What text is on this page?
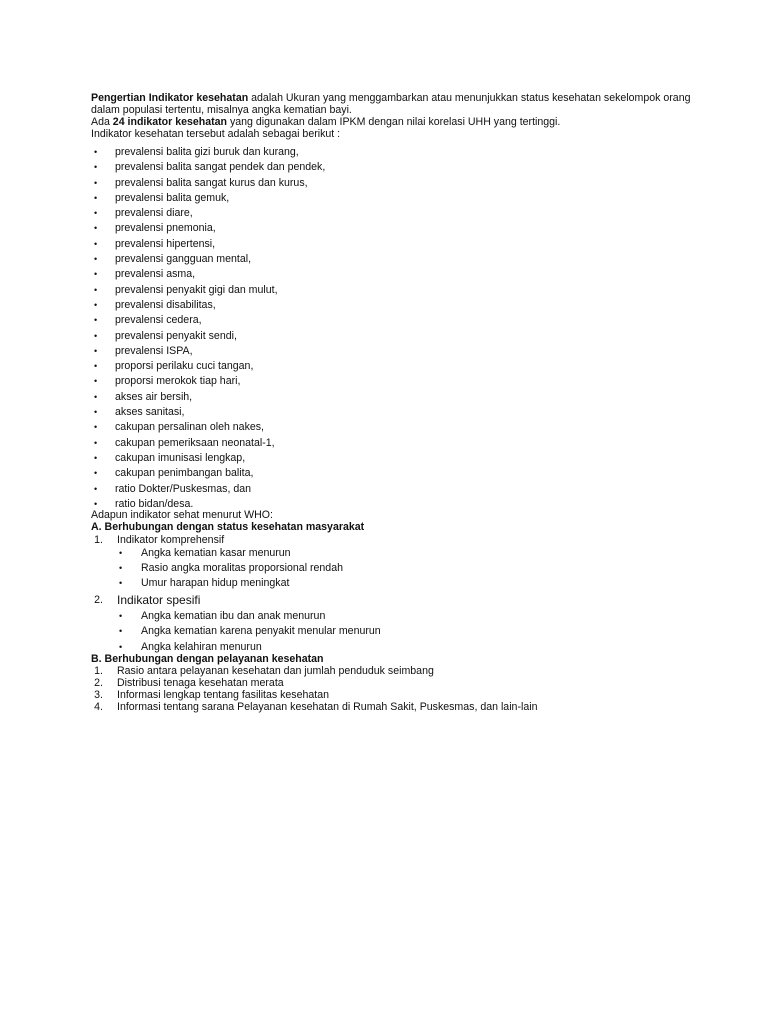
Pengertian Indikator kesehatan adalah Ukuran yang menggambarkan atau menunjukkan status kesehatan sekelompok orang dalam populasi tertentu, misalnya angka kematian bayi.

Ada 24 indikator kesehatan yang digunakan dalam IPKM dengan nilai korelasi UHH yang tertinggi.

Indikator kesehatan tersebut adalah sebagai berikut :

• prevalensi balita gizi buruk dan kurang,
• prevalensi balita sangat pendek dan pendek,
• prevalensi balita sangat kurus dan kurus,
• prevalensi balita gemuk,
• prevalensi diare,
• prevalensi pnemonia,
• prevalensi hipertensi,
• prevalensi gangguan mental,
• prevalensi asma,
• prevalensi penyakit gigi dan mulut,
• prevalensi disabilitas,
• prevalensi cedera,
• prevalensi penyakit sendi,
• prevalensi ISPA,
• proporsi perilaku cuci tangan,
• proporsi merokok tiap hari,
• akses air bersih,
• akses sanitasi,
• cakupan persalinan oleh nakes,
• cakupan pemeriksaan neonatal-1,
• cakupan imunisasi lengkap,
• cakupan penimbangan balita,
• ratio Dokter/Puskesmas, dan
• ratio bidan/desa.

Adapun indikator sehat menurut WHO:

A. Berhubungan dengan status kesehatan masyarakat

1. Indikator komprehensif
• Angka kematian kasar menurun
• Rasio angka moralitas proporsional rendah
• Umur harapan hidup meningkat
2. Indikator spesifi
• Angka kematian ibu dan anak menurun
• Angka kematian karena penyakit menular menurun
• Angka kelahiran menurun

B. Berhubungan dengan pelayanan kesehatan

1. Rasio antara pelayanan kesehatan dan jumlah penduduk seimbang
2. Distribusi tenaga kesehatan merata
3. Informasi lengkap tentang fasilitas kesehatan
4. Informasi tentang sarana Pelayanan kesehatan di Rumah Sakit, Puskesmas, dan lain-lain
